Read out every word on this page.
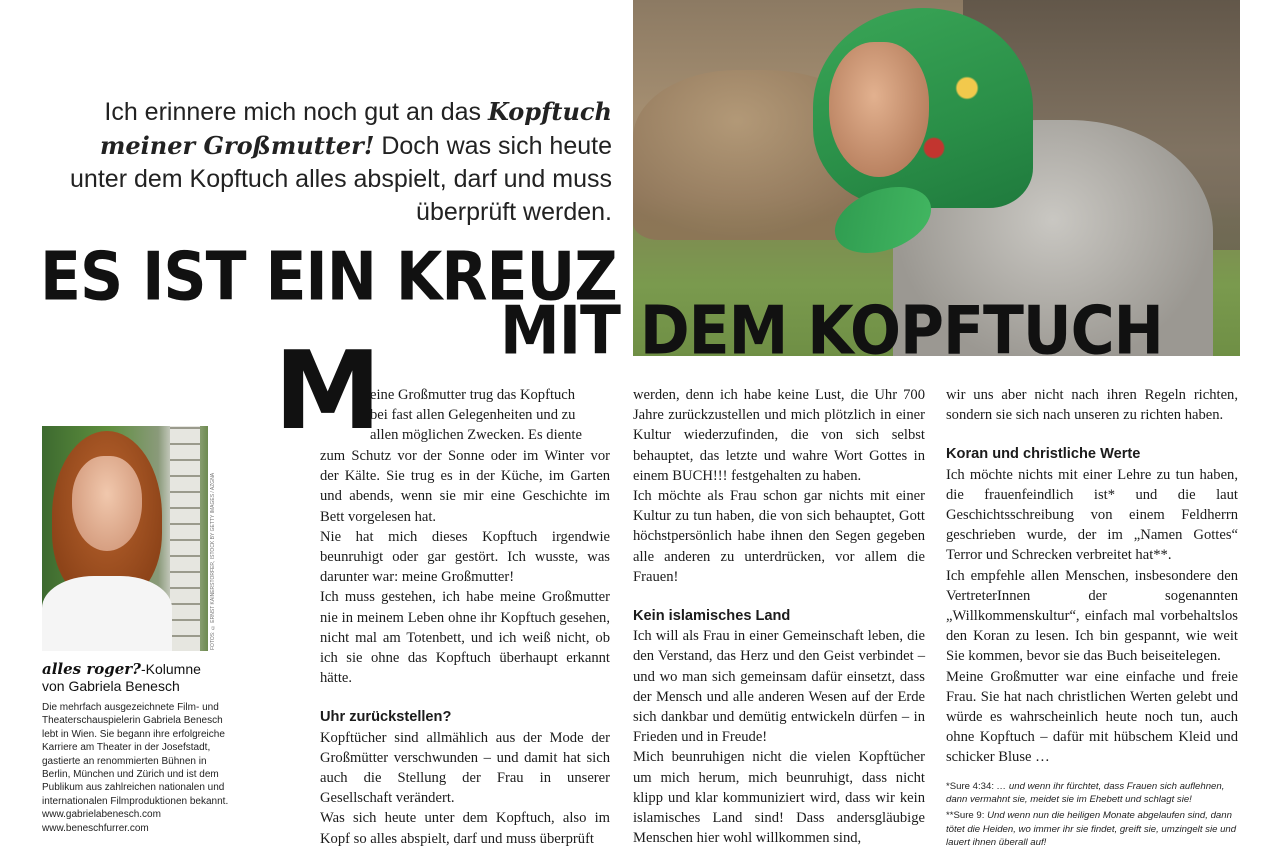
Ich erinnere mich noch gut an das Kopftuch
meiner Großmutter! Doch was sich heute
unter dem Kopftuch alles abspielt, darf und muss
überprüft werden.
ES IST EIN KREUZ
MIT DEM KOPFTUCH
FOTOS: © ERNST KAINERSTORFER, ISTOCK BY GETTY IMAGES / AZGNA
alles roger?-Kolumne
von Gabriela Benesch
Die mehrfach ausgezeichnete Film- und
Theaterschauspielerin Gabriela Benesch
lebt in Wien. Sie begann ihre erfolgreiche
Karriere am Theater in der Josefstadt,
gastierte an renommierten Bühnen in
Berlin, München und Zürich und ist dem
Publikum aus zahlreichen nationalen und
internationalen Filmproduktionen bekannt.
www.gabrielabenesch.com
www.beneschfurrer.com
M

eine Großmutter trug das Kopftuch

bei fast allen Gelegenheiten und zu

allen möglichen Zwecken. Es diente

zum Schutz vor der Sonne oder im Winter vor der Kälte. Sie trug es in der Küche, im Garten und abends, wenn sie mir eine Geschichte im Bett vorgelesen hat.

Nie hat mich dieses Kopftuch irgendwie beunruhigt oder gar gestört. Ich wusste, was darunter war: meine Großmutter!

Ich muss gestehen, ich habe meine Großmutter nie in meinem Leben ohne ihr Kopftuch gesehen, nicht mal am Totenbett, und ich weiß nicht, ob ich sie ohne das Kopftuch überhaupt erkannt hätte.

Uhr zurückstellen?

Kopftücher sind allmählich aus der Mode der Großmütter verschwunden – und damit hat sich auch die Stellung der Frau in unserer Gesellschaft verändert.

Was sich heute unter dem Kopftuch, also im Kopf so alles abspielt, darf und muss überprüft

werden, denn ich habe keine Lust, die Uhr 700 Jahre zurückzustellen und mich plötzlich in einer Kultur wiederzufinden, die von sich selbst behauptet, das letzte und wahre Wort Gottes in einem BUCH!!! festgehalten zu haben.

Ich möchte als Frau schon gar nichts mit einer Kultur zu tun haben, die von sich behauptet, Gott höchstpersönlich habe ihnen den Segen gegeben alle anderen zu unterdrücken, vor allem die Frauen!

Kein islamisches Land

Ich will als Frau in einer Gemeinschaft leben, die den Verstand, das Herz und den Geist verbindet – und wo man sich gemeinsam dafür einsetzt, dass der Mensch und alle anderen Wesen auf der Erde sich dankbar und demütig entwickeln dürfen – in Frieden und in Freude!

Mich beunruhigen nicht die vielen Kopftücher um mich herum, mich beunruhigt, dass nicht klipp und klar kommuniziert wird, dass wir kein islamisches Land sind! Dass andersgläubige Menschen hier wohl willkommen sind,

wir uns aber nicht nach ihren Regeln richten, sondern sie sich nach unseren zu richten haben.

Koran und christliche Werte

Ich möchte nichts mit einer Lehre zu tun haben, die frauenfeindlich ist* und die laut Geschichtsschreibung von einem Feldherrn geschrieben wurde, der im „Namen Gottes“ Terror und Schrecken verbreitet hat**.

Ich empfehle allen Menschen, insbesondere den VertreterInnen der sogenannten „Willkommenskultur“, einfach mal vorbehaltslos den Koran zu lesen. Ich bin gespannt, wie weit Sie kommen, bevor sie das Buch beiseitelegen.

Meine Großmutter war eine einfache und freie Frau. Sie hat nach christlichen Werten gelebt und würde es wahrscheinlich heute noch tun, auch ohne Kopftuch – dafür mit hübschem Kleid und schicker Bluse …

*Sure 4:34: … und wenn ihr fürchtet, dass Frauen sich auflehnen, dann vermahnt sie, meidet sie im Ehebett und schlagt sie!
**Sure 9: Und wenn nun die heiligen Monate abgelaufen sind, dann tötet die Heiden, wo immer ihr sie findet, greift sie, umzingelt sie und lauert ihnen überall auf!
